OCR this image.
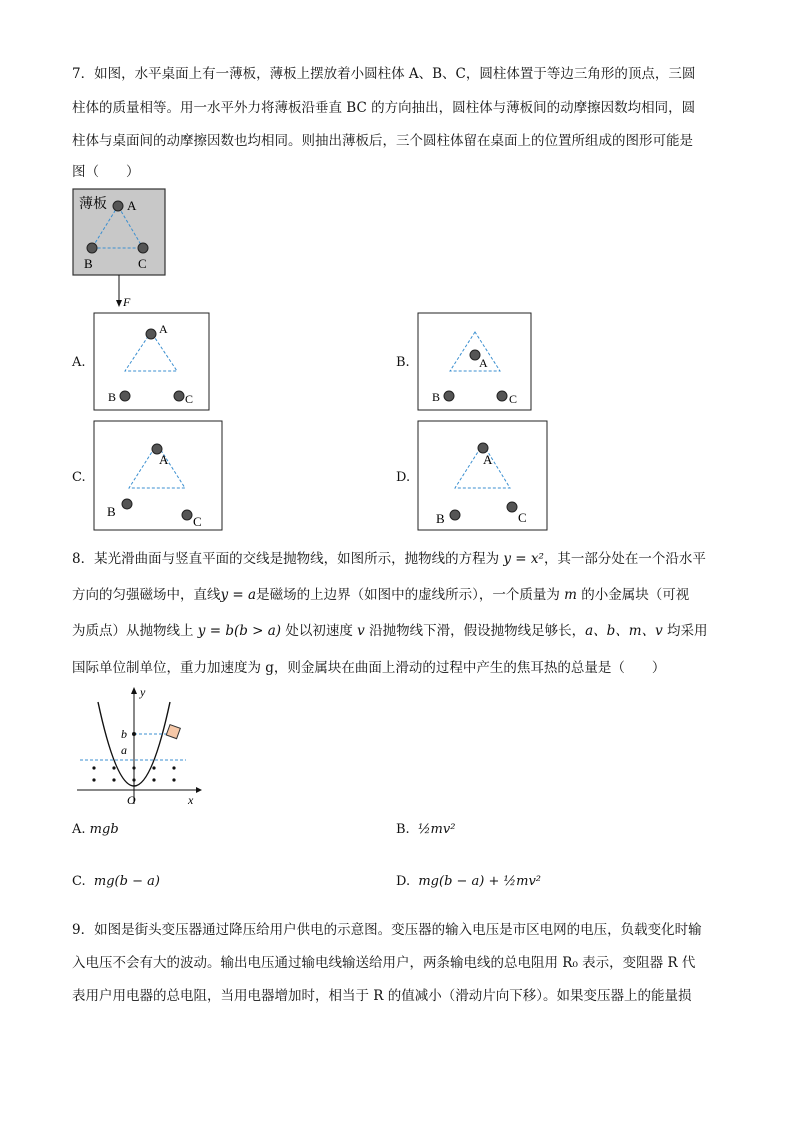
7．如图，水平桌面上有一薄板，薄板上摆放着小圆柱体 A、B、C，圆柱体置于等边三角形的顶点，三圆
柱体的质量相等。用一水平外力将薄板沿垂直 BC 的方向抽出，圆柱体与薄板间的动摩擦因数均相同，圆
柱体与桌面间的动摩擦因数也均相同。则抽出薄板后，三个圆柱体留在桌面上的位置所组成的图形可能是
图（　　）
薄板 A
B	C
F
A.
A
B	C
B.	A
B	C
C.
A
B
C
D.
A
B	C
8．某光滑曲面与竖直平面的交线是抛物线，如图所示，抛物线的方程为 y = x²，其一部分处在一个沿水平
方向的匀强磁场中，直线y = a是磁场的上边界（如图中的虚线所示），一个质量为 m 的小金属块（可视
为质点）从抛物线上 y = b(b > a) 处以初速度 v 沿抛物线下滑，假设抛物线足够长，a、b、m、v 均采用
国际单位制单位，重力加速度为 g，则金属块在曲面上滑动的过程中产生的焦耳热的总量是（　　）
y
b
a
O	x
A. mgb	B. ½mv²
C. mg(b − a)	D. mg(b − a) + ½mv²
9．如图是街头变压器通过降压给用户供电的示意图。变压器的输入电压是市区电网的电压，负载变化时输
入电压不会有大的波动。输出电压通过输电线输送给用户，两条输电线的总电阻用 R₀ 表示，变阻器 R 代
表用户用电器的总电阻，当用电器增加时，相当于 R 的值减小（滑动片向下移）。如果变压器上的能量损
